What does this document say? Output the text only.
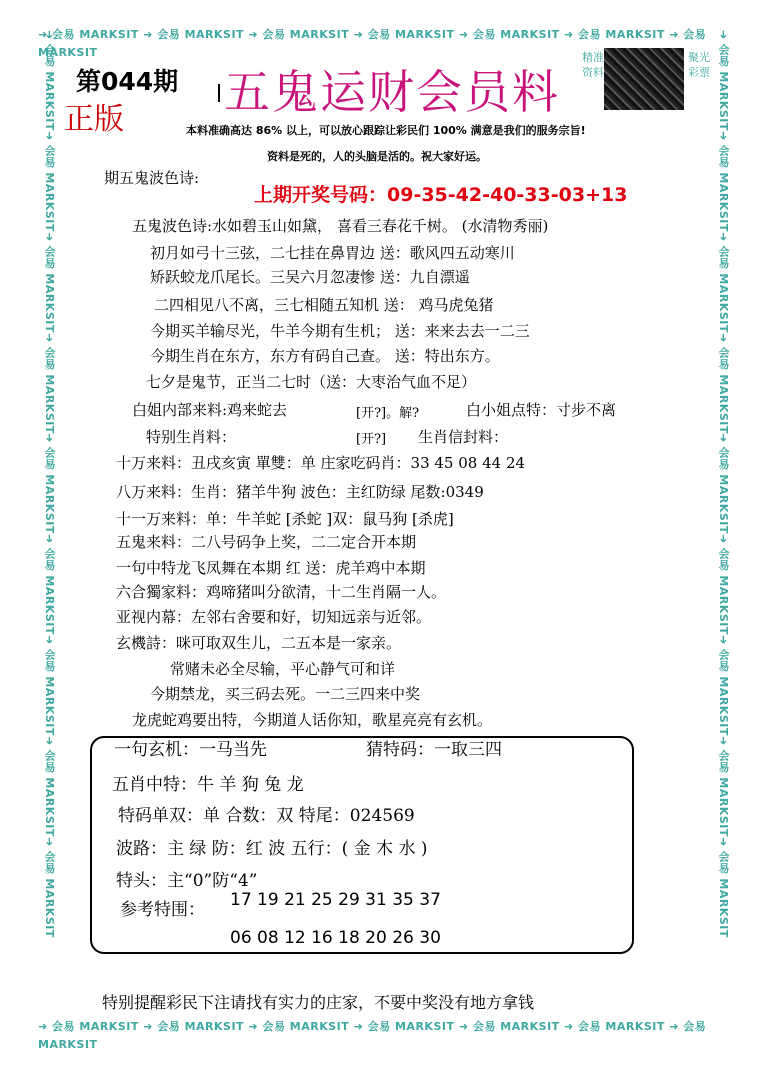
➜ 会易 MARKSIT ➜ 会易 MARKSIT ➜ 会易 MARKSIT ➜ 会易 MARKSIT ➜ 会易 MARKSIT ➜ 会易 MARKSIT ➜ 会易 MARKSIT
➜ 会易 MARKSIT ➜ 会易 MARKSIT ➜ 会易 MARKSIT ➜ 会易 MARKSIT ➜ 会易 MARKSIT ➜ 会易 MARKSIT ➜ 会易 MARKSIT
➜ 会易 MARKSIT
➜ 会易 MARKSIT
➜ 会易 MARKSIT
➜ 会易 MARKSIT
➜ 会易 MARKSIT
➜ 会易 MARKSIT
➜ 会易 MARKSIT
➜ 会易 MARKSIT
➜ 会易 MARKSIT
➜ 会易 MARKSIT
➜ 会易 MARKSIT
➜ 会易 MARKSIT
➜ 会易 MARKSIT
➜ 会易 MARKSIT
➜ 会易 MARKSIT
➜ 会易 MARKSIT
➜ 会易 MARKSIT
➜ 会易 MARKSIT
第044期
正版
五鬼运财会员料
精准资料
聚光彩票
本料准确高达 86% 以上，可以放心跟踪让彩民们 100% 满意是我们的服务宗旨!
资料是死的，人的头脑是活的。祝大家好运。
期五鬼波色诗:
上期开奖号码：09-35-42-40-33-03+13
五鬼波色诗:水如碧玉山如黛， 喜看三春花千树。 (水清物秀丽)
初月如弓十三弦，二七挂在鼻胃边 送：歌风四五动寒川
矫跃蛟龙爪尾长。三吴六月忽凄惨 送：九自漂遥
二四相见八不离，三七相随五知机 送： 鸡马虎兔猪
今期买羊输尽光，牛羊今期有生机； 送：来来去去一二三
今期生肖在东方，东方有码自己查。 送：特出东方。
七夕是鬼节，正当二七时（送：大枣治气血不足）
白姐内部来料:鸡来蛇去	[开?]。解?	白小姐点特：寸步不离
特别生肖料：	[开?] 生肖信封料：
十万来料：丑戌亥寅 單雙：单 庄家吃码肖：33 45 08 44 24
八万来料：生肖：猪羊牛狗 波色：主红防绿 尾数:0349
十一万来料：单：牛羊蛇 [杀蛇 ]双：鼠马狗 [杀虎]
五鬼来料：二八号码争上奖，二二定合开本期
一句中特龙飞凤舞在本期 红 送：虎羊鸡中本期
六合獨家料：鸡啼猪叫分欲清，十二生肖隔一人。
亚视内幕：左邻右舍要和好，切知远亲与近邻。
玄機詩：咪可取双生儿，二五本是一家亲。
常赌未必全尽输，平心静气可和详
今期禁龙，买三码去死。一二三四来中奖
龙虎蛇鸡要出特，今期道人话你知，歌星亮亮有玄机。
一句玄机：一马当先	猜特码：一取三四
五肖中特：牛 羊 狗 兔 龙
特码单双：单 合数：双 特尾：024569
波路：主 绿 防：红 波 五行：( 金 木 水 )
特头：主“0”防“4”
参考特围： 17 19 21 25 29 31 35 37
06 08 12 16 18 20 26 30
特别提醒彩民下注请找有实力的庄家，不要中奖没有地方拿钱
